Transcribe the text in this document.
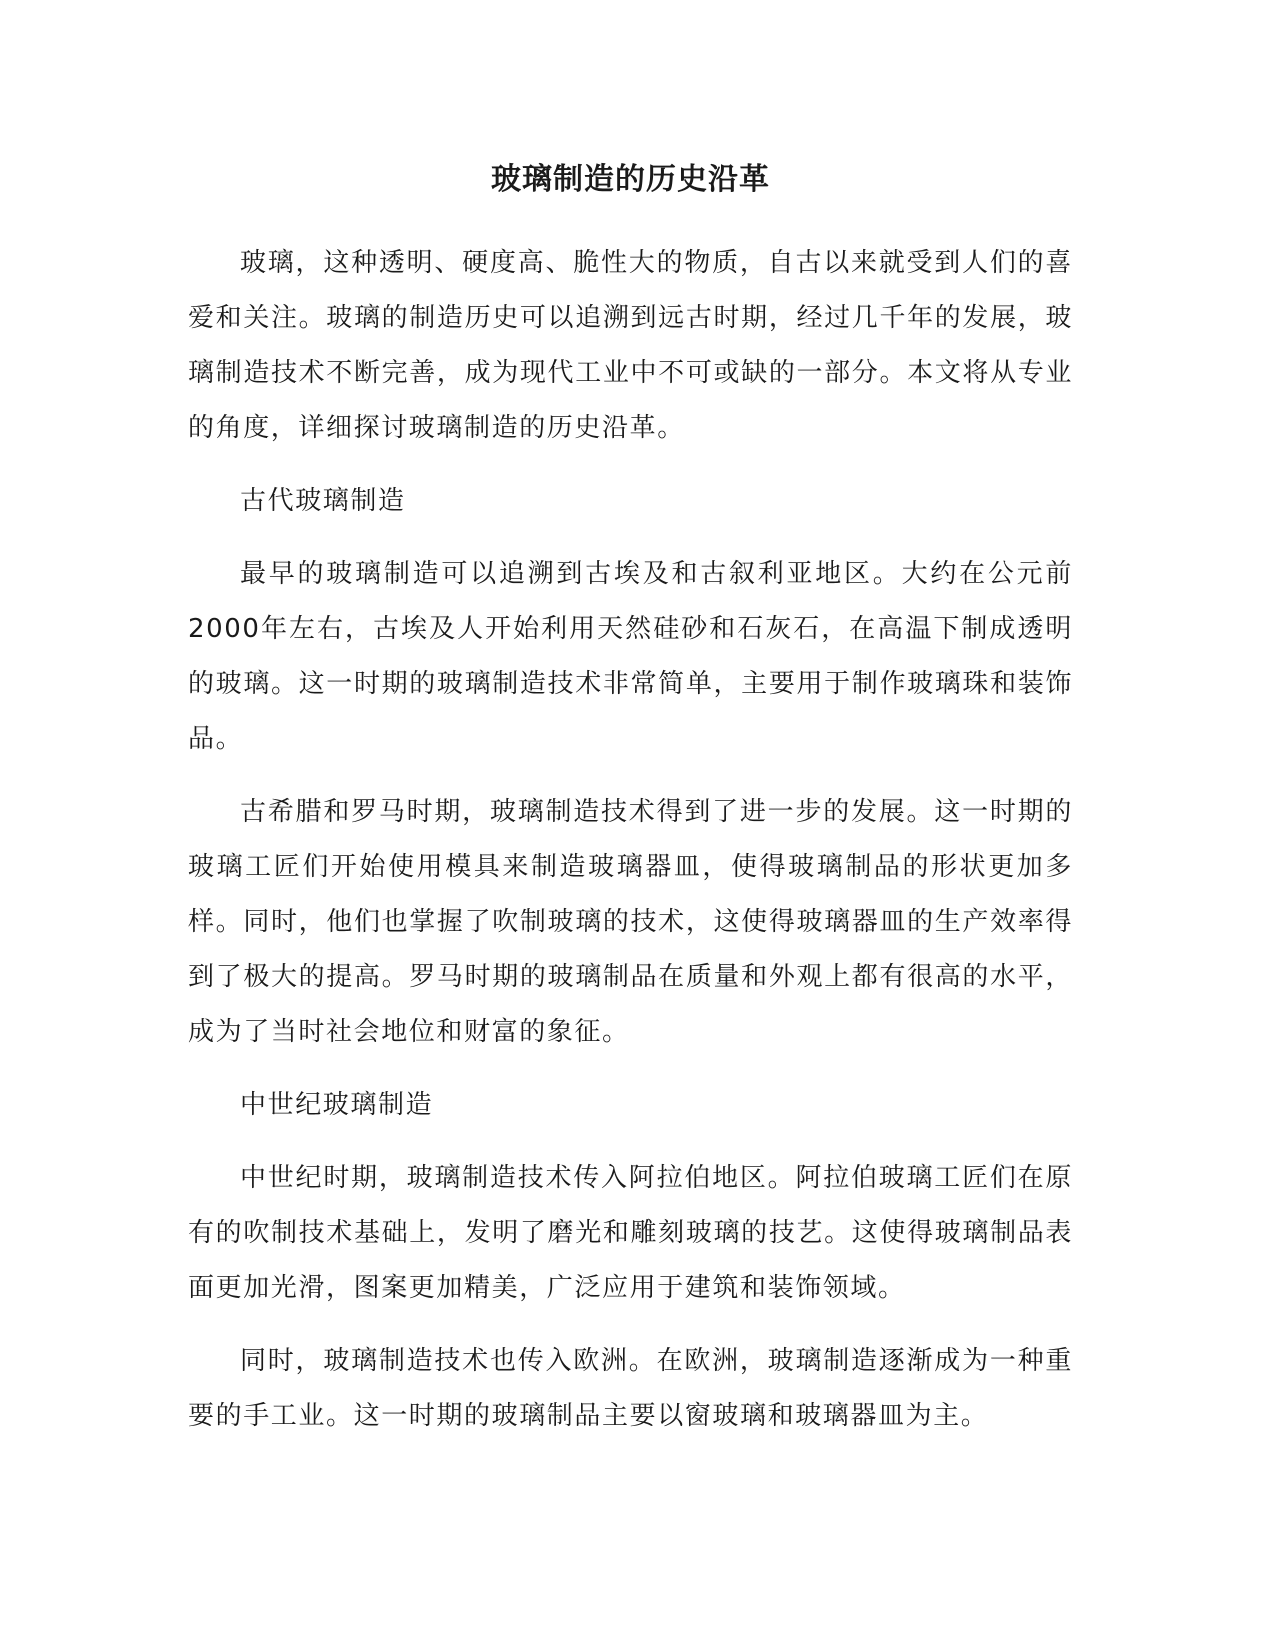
玻璃制造的历史沿革

玻璃，这种透明、硬度高、脆性大的物质，自古以来就受到人们的喜爱和关注。玻璃的制造历史可以追溯到远古时期，经过几千年的发展，玻璃制造技术不断完善，成为现代工业中不可或缺的一部分。本文将从专业的角度，详细探讨玻璃制造的历史沿革。

古代玻璃制造

最早的玻璃制造可以追溯到古埃及和古叙利亚地区。大约在公元前2000年左右，古埃及人开始利用天然硅砂和石灰石，在高温下制成透明的玻璃。这一时期的玻璃制造技术非常简单，主要用于制作玻璃珠和装饰品。

古希腊和罗马时期，玻璃制造技术得到了进一步的发展。这一时期的玻璃工匠们开始使用模具来制造玻璃器皿，使得玻璃制品的形状更加多样。同时，他们也掌握了吹制玻璃的技术，这使得玻璃器皿的生产效率得到了极大的提高。罗马时期的玻璃制品在质量和外观上都有很高的水平，成为了当时社会地位和财富的象征。

中世纪玻璃制造

中世纪时期，玻璃制造技术传入阿拉伯地区。阿拉伯玻璃工匠们在原有的吹制技术基础上，发明了磨光和雕刻玻璃的技艺。这使得玻璃制品表面更加光滑，图案更加精美，广泛应用于建筑和装饰领域。

同时，玻璃制造技术也传入欧洲。在欧洲，玻璃制造逐渐成为一种重要的手工业。这一时期的玻璃制品主要以窗玻璃和玻璃器皿为主。
